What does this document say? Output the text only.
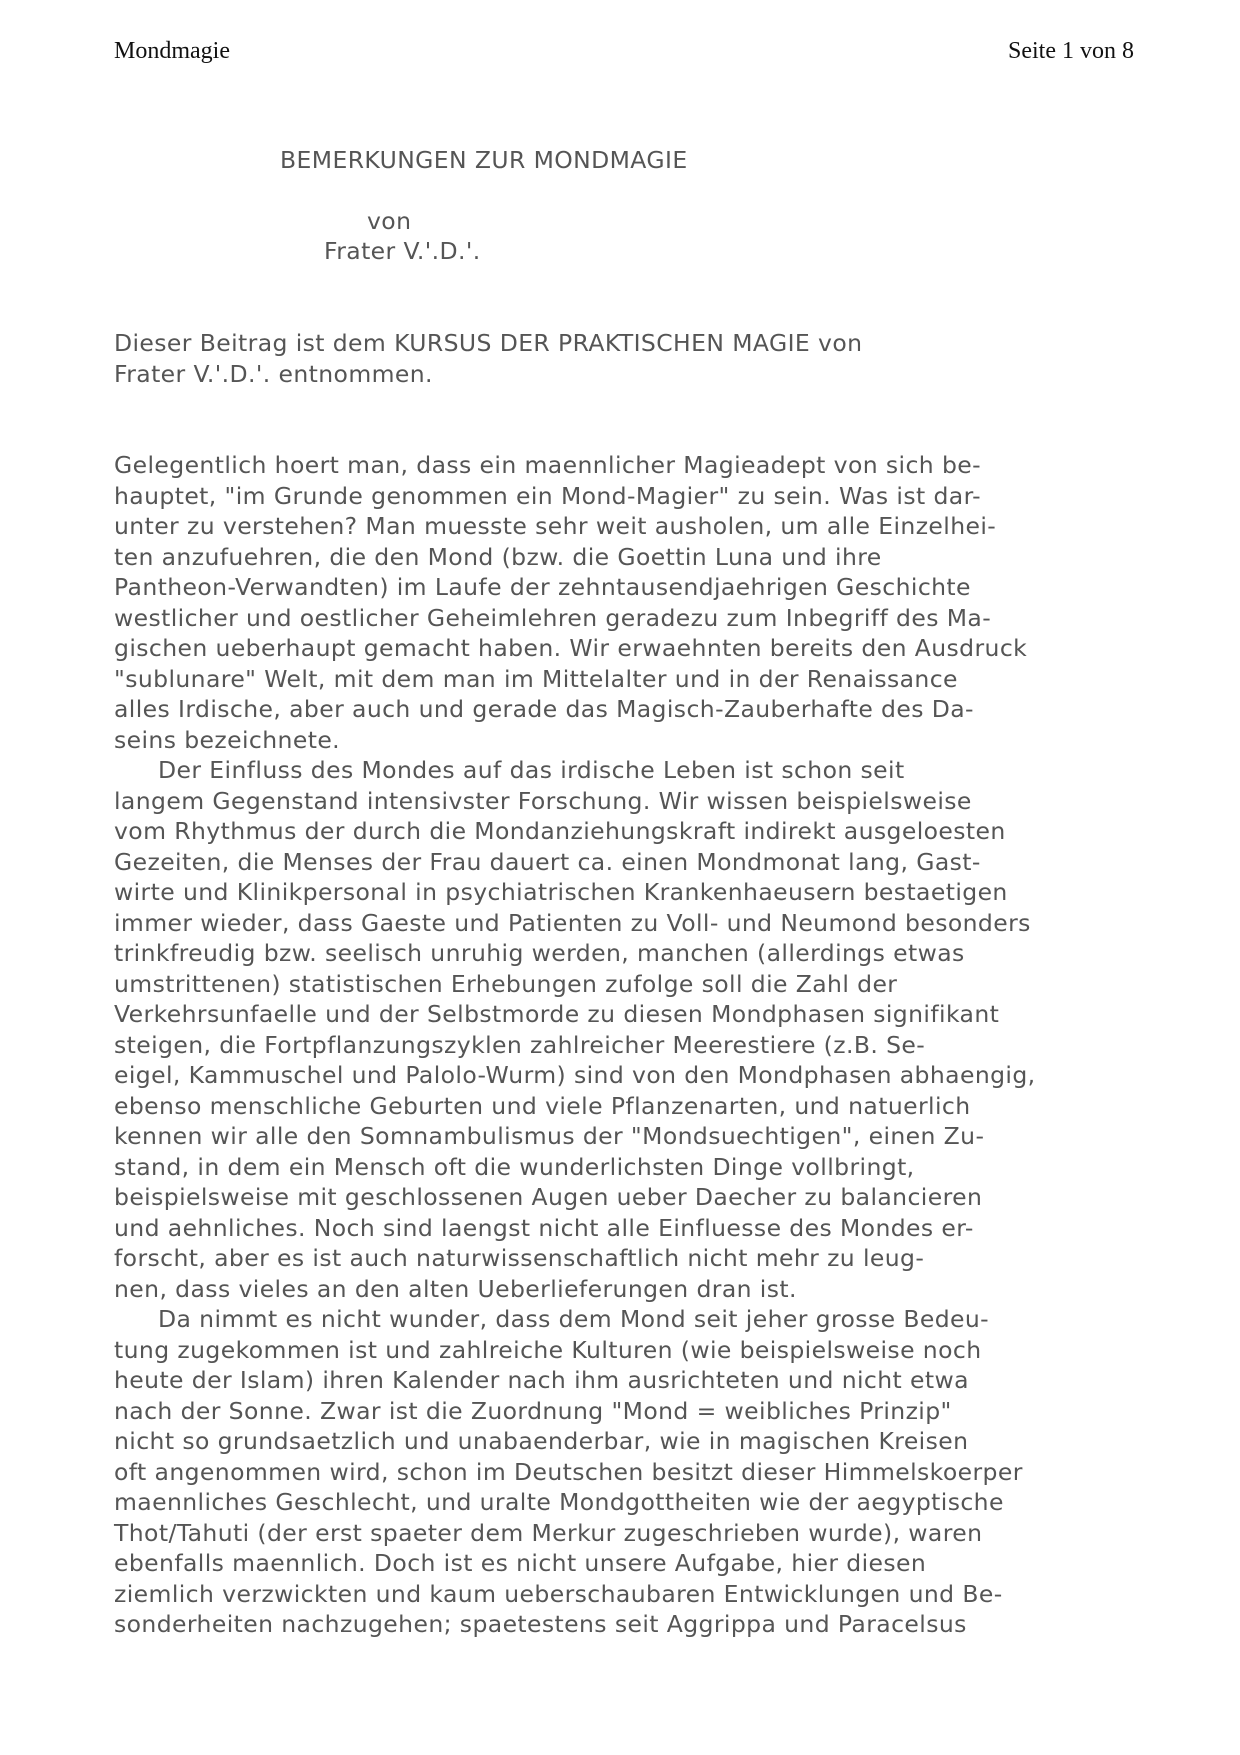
Mondmagie	Seite 1 von 8
BEMERKUNGEN ZUR MONDMAGIE
von
Frater V.'.D.'.
Dieser Beitrag ist dem KURSUS DER PRAKTISCHEN MAGIE von
Frater V.'.D.'. entnommen.
Gelegentlich hoert man, dass ein maennlicher Magieadept von sich be-
hauptet, "im Grunde genommen ein Mond-Magier" zu sein. Was ist dar-
unter zu verstehen? Man muesste sehr weit ausholen, um alle Einzelhei-
ten anzufuehren, die den Mond (bzw. die Goettin Luna und ihre
Pantheon-Verwandten) im Laufe der zehntausendjaehrigen Geschichte
westlicher und oestlicher Geheimlehren geradezu zum Inbegriff des Ma-
gischen ueberhaupt gemacht haben. Wir erwaehnten bereits den Ausdruck
"sublunare" Welt, mit dem man im Mittelalter und in der Renaissance
alles Irdische, aber auch und gerade das Magisch-Zauberhafte des Da-
seins bezeichnete.
Der Einfluss des Mondes auf das irdische Leben ist schon seit
langem Gegenstand intensivster Forschung. Wir wissen beispielsweise
vom Rhythmus der durch die Mondanziehungskraft indirekt ausgeloesten
Gezeiten, die Menses der Frau dauert ca. einen Mondmonat lang, Gast-
wirte und Klinikpersonal in psychiatrischen Krankenhaeusern bestaetigen
immer wieder, dass Gaeste und Patienten zu Voll- und Neumond besonders
trinkfreudig bzw. seelisch unruhig werden, manchen (allerdings etwas
umstrittenen) statistischen Erhebungen zufolge soll die Zahl der
Verkehrsunfaelle und der Selbstmorde zu diesen Mondphasen signifikant
steigen, die Fortpflanzungszyklen zahlreicher Meerestiere (z.B. Se-
eigel, Kammuschel und Palolo-Wurm) sind von den Mondphasen abhaengig,
ebenso menschliche Geburten und viele Pflanzenarten, und natuerlich
kennen wir alle den Somnambulismus der "Mondsuechtigen", einen Zu-
stand, in dem ein Mensch oft die wunderlichsten Dinge vollbringt,
beispielsweise mit geschlossenen Augen ueber Daecher zu balancieren
und aehnliches. Noch sind laengst nicht alle Einfluesse des Mondes er-
forscht, aber es ist auch naturwissenschaftlich nicht mehr zu leug-
nen, dass vieles an den alten Ueberlieferungen dran ist.
Da nimmt es nicht wunder, dass dem Mond seit jeher grosse Bedeu-
tung zugekommen ist und zahlreiche Kulturen (wie beispielsweise noch
heute der Islam) ihren Kalender nach ihm ausrichteten und nicht etwa
nach der Sonne. Zwar ist die Zuordnung "Mond = weibliches Prinzip"
nicht so grundsaetzlich und unabaenderbar, wie in magischen Kreisen
oft angenommen wird, schon im Deutschen besitzt dieser Himmelskoerper
maennliches Geschlecht, und uralte Mondgottheiten wie der aegyptische
Thot/Tahuti (der erst spaeter dem Merkur zugeschrieben wurde), waren
ebenfalls maennlich. Doch ist es nicht unsere Aufgabe, hier diesen
ziemlich verzwickten und kaum ueberschaubaren Entwicklungen und Be-
sonderheiten nachzugehen; spaetestens seit Aggrippa und Paracelsus
